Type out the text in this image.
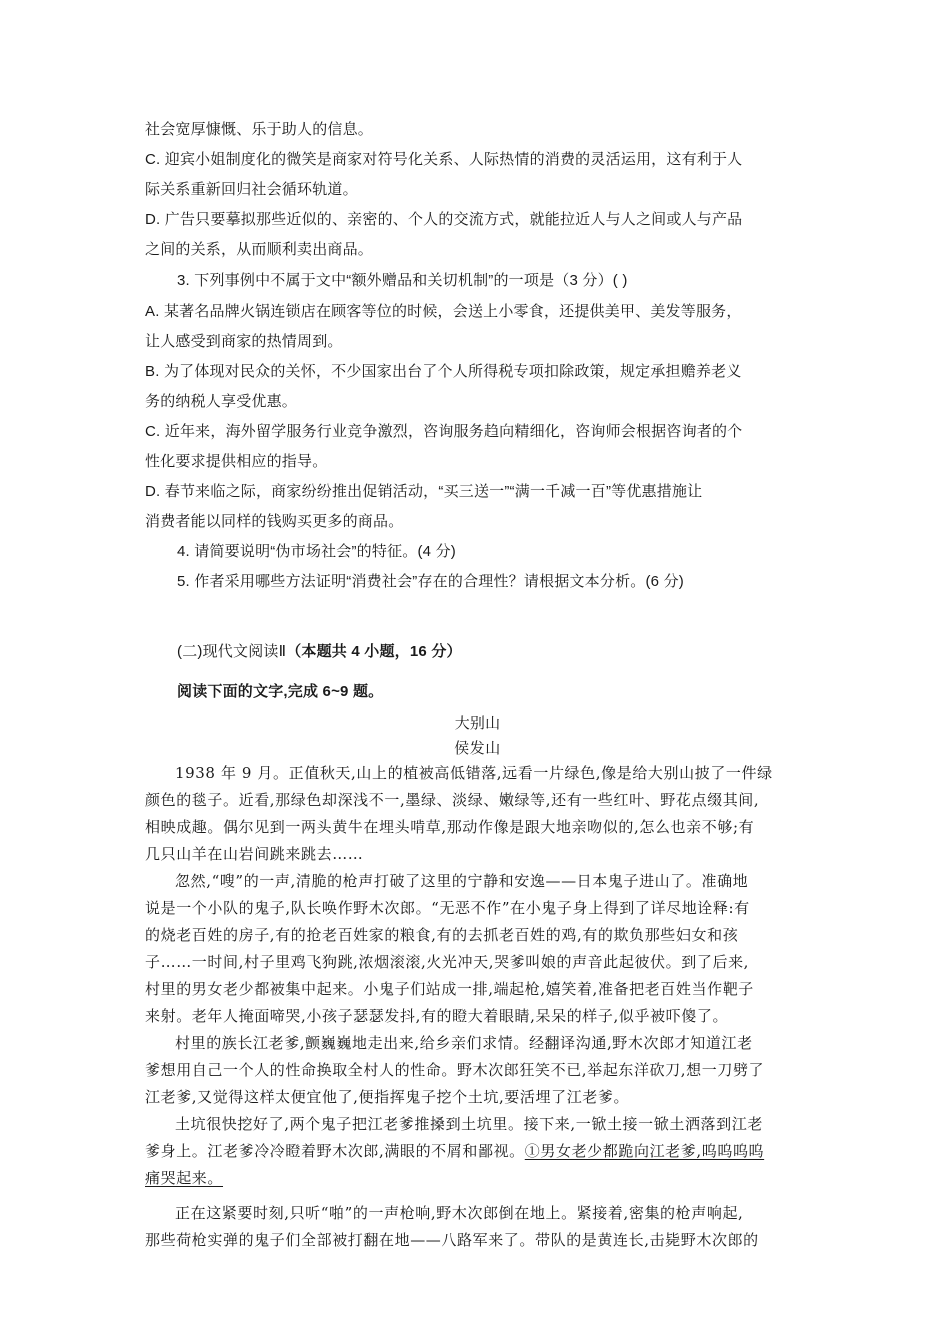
社会宽厚慷慨、乐于助人的信息。
C. 迎宾小姐制度化的微笑是商家对符号化关系、人际热情的消费的灵活运用，这有利于人
际关系重新回归社会循环轨道。
D. 广告只要摹拟那些近似的、亲密的、个人的交流方式，就能拉近人与人之间或人与产品
之间的关系，从而顺利卖出商品。
3. 下列事例中不属于文中“额外赠品和关切机制”的一项是（3 分）( )
A. 某著名品牌火锅连锁店在顾客等位的时候，会送上小零食，还提供美甲、美发等服务，
让人感受到商家的热情周到。
B. 为了体现对民众的关怀，不少国家出台了个人所得税专项扣除政策，规定承担赡养老义
务的纳税人享受优惠。
C. 近年来，海外留学服务行业竞争激烈，咨询服务趋向精细化，咨询师会根据咨询者的个
性化要求提供相应的指导。
D. 春节来临之际，商家纷纷推出促销活动，“买三送一”“满一千减一百”等优惠措施让
消费者能以同样的钱购买更多的商品。
4. 请简要说明“伪市场社会”的特征。(4 分)
5. 作者采用哪些方法证明“消费社会”存在的合理性？请根据文本分析。(6 分)
(二)现代文阅读Ⅱ（本题共 4 小题，16 分）
阅读下面的文字,完成 6~9 题。
大别山
侯发山
1938 年 9 月。正值秋天,山上的植被高低错落,远看一片绿色,像是给大别山披了一件绿
颜色的毯子。近看,那绿色却深浅不一,墨绿、淡绿、嫩绿等,还有一些红叶、野花点缀其间,
相映成趣。偶尔见到一两头黄牛在埋头啃草,那动作像是跟大地亲吻似的,怎么也亲不够;有
几只山羊在山岩间跳来跳去……
忽然,“嗖”的一声,清脆的枪声打破了这里的宁静和安逸——日本鬼子进山了。准确地
说是一个小队的鬼子,队长唤作野木次郎。“无恶不作”在小鬼子身上得到了详尽地诠释:有
的烧老百姓的房子,有的抢老百姓家的粮食,有的去抓老百姓的鸡,有的欺负那些妇女和孩
子……一时间,村子里鸡飞狗跳,浓烟滚滚,火光冲天,哭爹叫娘的声音此起彼伏。到了后来,
村里的男女老少都被集中起来。小鬼子们站成一排,端起枪,嬉笑着,准备把老百姓当作靶子
来射。老年人掩面啼哭,小孩子瑟瑟发抖,有的瞪大着眼睛,呆呆的样子,似乎被吓傻了。
村里的族长江老爹,颤巍巍地走出来,给乡亲们求情。经翻译沟通,野木次郎才知道江老
爹想用自己一个人的性命换取全村人的性命。野木次郎狂笑不已,举起东洋砍刀,想一刀劈了
江老爹,又觉得这样太便宜他了,便指挥鬼子挖个土坑,要活埋了江老爹。
土坑很快挖好了,两个鬼子把江老爹推搡到土坑里。接下来,一锨土接一锨土洒落到江老
爹身上。江老爹冷冷瞪着野木次郎,满眼的不屑和鄙视。①男女老少都跪向江老爹,呜呜呜呜
痛哭起来。
正在这紧要时刻,只听“啪”的一声枪响,野木次郎倒在地上。紧接着,密集的枪声响起,
那些荷枪实弹的鬼子们全部被打翻在地——八路军来了。带队的是黄连长,击毙野木次郎的
